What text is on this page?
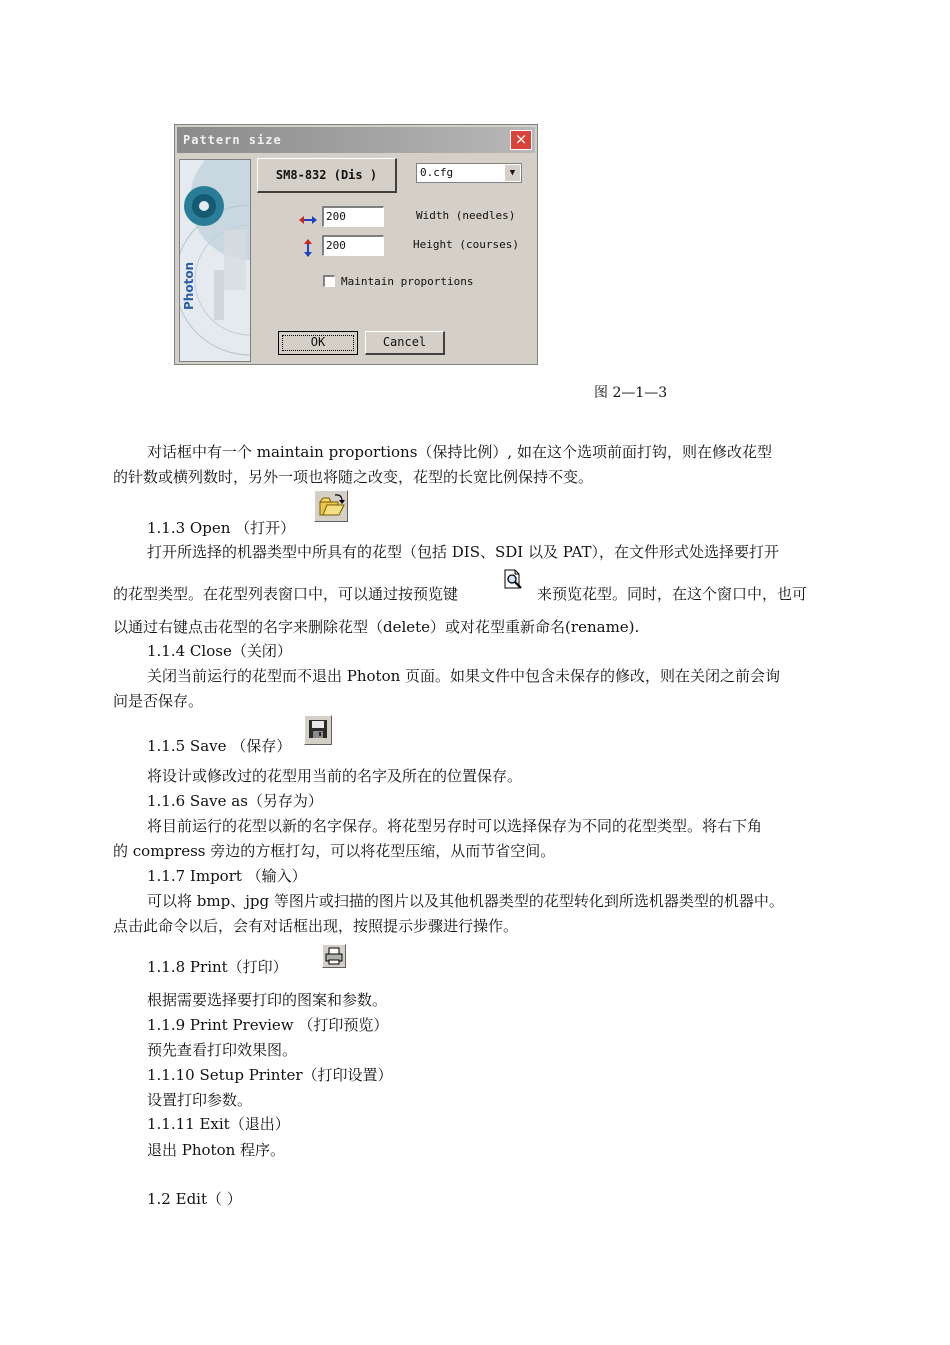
Pattern size	×
Photon
SM8-832 (Dis )	0.cfg	▼
200	Width (needles)
200	Height (courses)
Maintain proportions
OK	Cancel
图 2—1—3
对话框中有一个 maintain proportions（保持比例）, 如在这个选项前面打钩，则在修改花型
的针数或横列数时，另外一项也将随之改变，花型的长宽比例保持不变。
1.1.3 Open （打开）
打开所选择的机器类型中所具有的花型（包括 DIS、SDI 以及 PAT），在文件形式处选择要打开
的花型类型。在花型列表窗口中，可以通过按预览键	来预览花型。同时，在这个窗口中，也可
以通过右键点击花型的名字来删除花型（delete）或对花型重新命名(rename).
1.1.4 Close（关闭）
关闭当前运行的花型而不退出 Photon 页面。如果文件中包含未保存的修改，则在关闭之前会询
问是否保存。
1.1.5 Save （保存）
将设计或修改过的花型用当前的名字及所在的位置保存。
1.1.6 Save as（另存为）
将目前运行的花型以新的名字保存。将花型另存时可以选择保存为不同的花型类型。将右下角
的 compress 旁边的方框打勾，可以将花型压缩，从而节省空间。
1.1.7 Import （输入）
可以将 bmp、jpg 等图片或扫描的图片以及其他机器类型的花型转化到所选机器类型的机器中。
点击此命令以后，会有对话框出现，按照提示步骤进行操作。
1.1.8 Print（打印）
根据需要选择要打印的图案和参数。
1.1.9 Print Preview （打印预览）
预先查看打印效果图。
1.1.10 Setup Printer（打印设置）
设置打印参数。
1.1.11 Exit（退出）
退出 Photon 程序。
1.2 Edit（ ）
